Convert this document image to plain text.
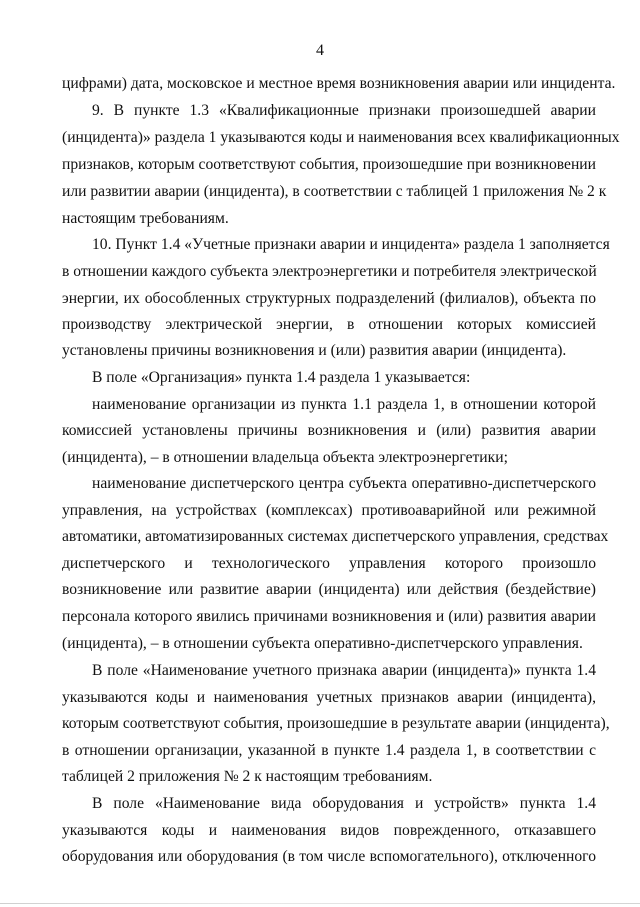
4
цифрами) дата, московское и местное время возникновения аварии или инцидента.
9. В пункте 1.3 «Квалификационные признаки произошедшей аварии
(инцидента)» раздела 1 указываются коды и наименования всех квалификационных
признаков, которым соответствуют события, произошедшие при возникновении
или развитии аварии (инцидента), в соответствии с таблицей 1 приложения № 2 к
настоящим требованиям.
10. Пункт 1.4 «Учетные признаки аварии и инцидента» раздела 1 заполняется
в отношении каждого субъекта электроэнергетики и потребителя электрической
энергии, их обособленных структурных подразделений (филиалов), объекта по
производству электрической энергии, в отношении которых комиссией
установлены причины возникновения и (или) развития аварии (инцидента).
В поле «Организация» пункта 1.4 раздела 1 указывается:
наименование организации из пункта 1.1 раздела 1, в отношении которой
комиссией установлены причины возникновения и (или) развития аварии
(инцидента), – в отношении владельца объекта электроэнергетики;
наименование диспетчерского центра субъекта оперативно-диспетчерского
управления, на устройствах (комплексах) противоаварийной или режимной
автоматики, автоматизированных системах диспетчерского управления, средствах
диспетчерского и технологического управления которого произошло
возникновение или развитие аварии (инцидента) или действия (бездействие)
персонала которого явились причинами возникновения и (или) развития аварии
(инцидента), – в отношении субъекта оперативно-диспетчерского управления.
В поле «Наименование учетного признака аварии (инцидента)» пункта 1.4
указываются коды и наименования учетных признаков аварии (инцидента),
которым соответствуют события, произошедшие в результате аварии (инцидента),
в отношении организации, указанной в пункте 1.4 раздела 1, в соответствии с
таблицей 2 приложения № 2 к настоящим требованиям.
В поле «Наименование вида оборудования и устройств» пункта 1.4
указываются коды и наименования видов поврежденного, отказавшего
оборудования или оборудования (в том числе вспомогательного), отключенного
